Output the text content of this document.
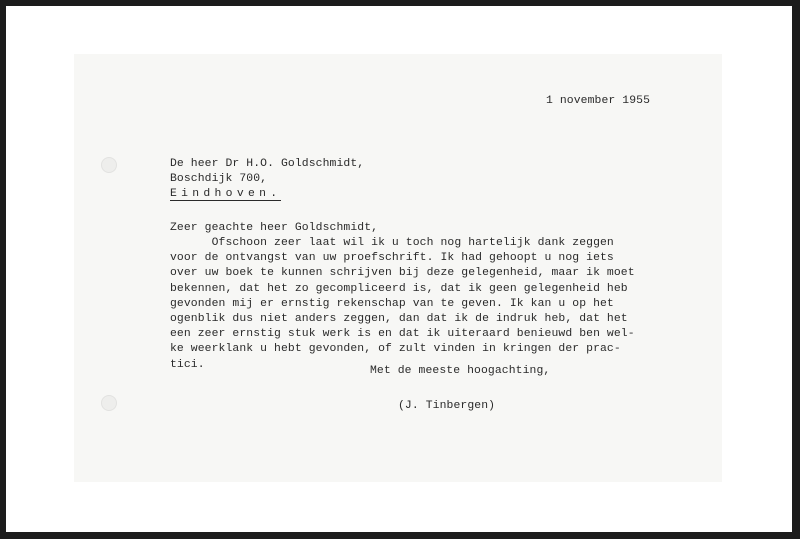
1 november 1955
De heer Dr H.O. Goldschmidt,
Boschdijk 700,
Eindhoven.
Zeer geachte heer Goldschmidt,
Ofschoon zeer laat wil ik u toch nog hartelijk dank zeggen
voor de ontvangst van uw proefschrift. Ik had gehoopt u nog iets
over uw boek te kunnen schrijven bij deze gelegenheid, maar ik moet
bekennen, dat het zo gecompliceerd is, dat ik geen gelegenheid heb
gevonden mij er ernstig rekenschap van te geven. Ik kan u op het
ogenblik dus niet anders zeggen, dan dat ik de indruk heb, dat het
een zeer ernstig stuk werk is en dat ik uiteraard benieuwd ben wel-
ke weerklank u hebt gevonden, of zult vinden in kringen der prac-
tici.
Met de meeste hoogachting,
(J. Tinbergen)
